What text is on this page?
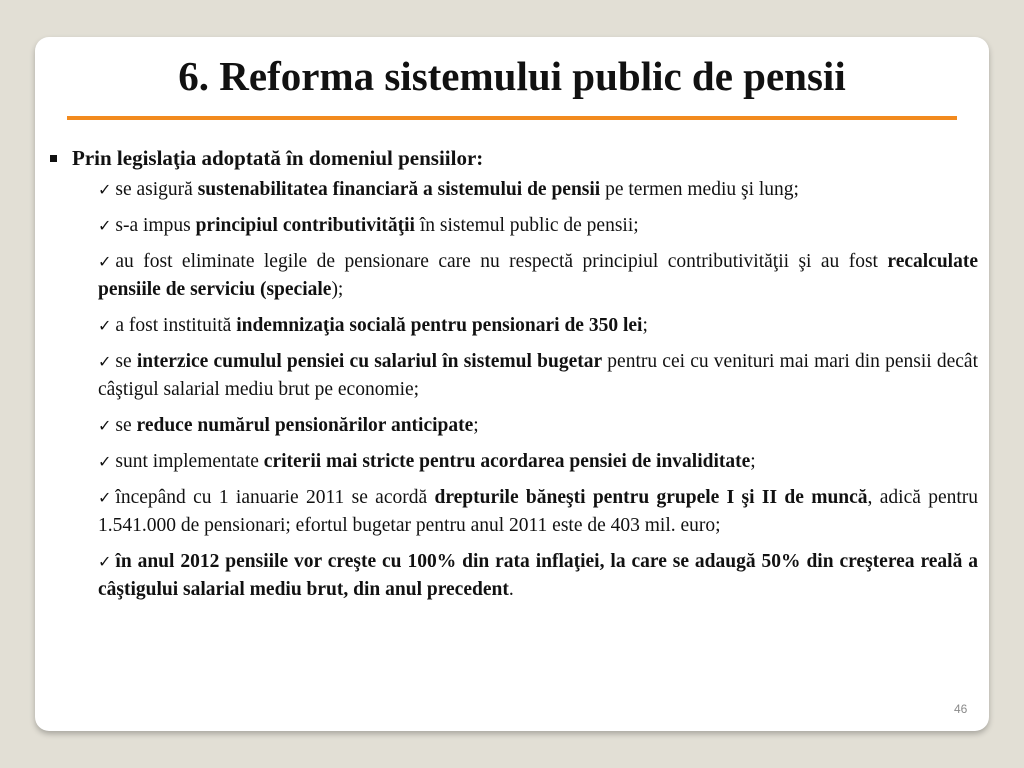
6. Reforma sistemului public de pensii
Prin legislaţia adoptată în domeniul pensiilor:
✓ se asigură sustenabilitatea financiară a sistemului de pensii pe termen mediu şi lung;
✓ s-a impus principiul contributivităţii în sistemul public de pensii;
✓ au fost eliminate legile de pensionare care nu respectă principiul contributivităţii şi au fost recalculate pensiile de serviciu (speciale);
✓ a fost instituită indemnizaţia socială pentru pensionari de 350 lei;
✓ se interzice cumulul pensiei cu salariul în sistemul bugetar pentru cei cu venituri mai mari din pensii decât câştigul salarial mediu brut pe economie;
✓ se reduce numărul pensionărilor anticipate;
✓ sunt implementate criterii mai stricte pentru acordarea pensiei de invaliditate;
✓ începând cu 1 ianuarie 2011 se acordă drepturile băneşti pentru grupele I şi II de muncă, adică pentru 1.541.000 de pensionari; efortul bugetar pentru anul 2011 este de 403 mil. euro;
✓ în anul 2012 pensiile vor creşte cu 100% din rata inflaţiei, la care se adaugă 50% din creşterea reală a câştigului salarial mediu brut, din anul precedent.
46
